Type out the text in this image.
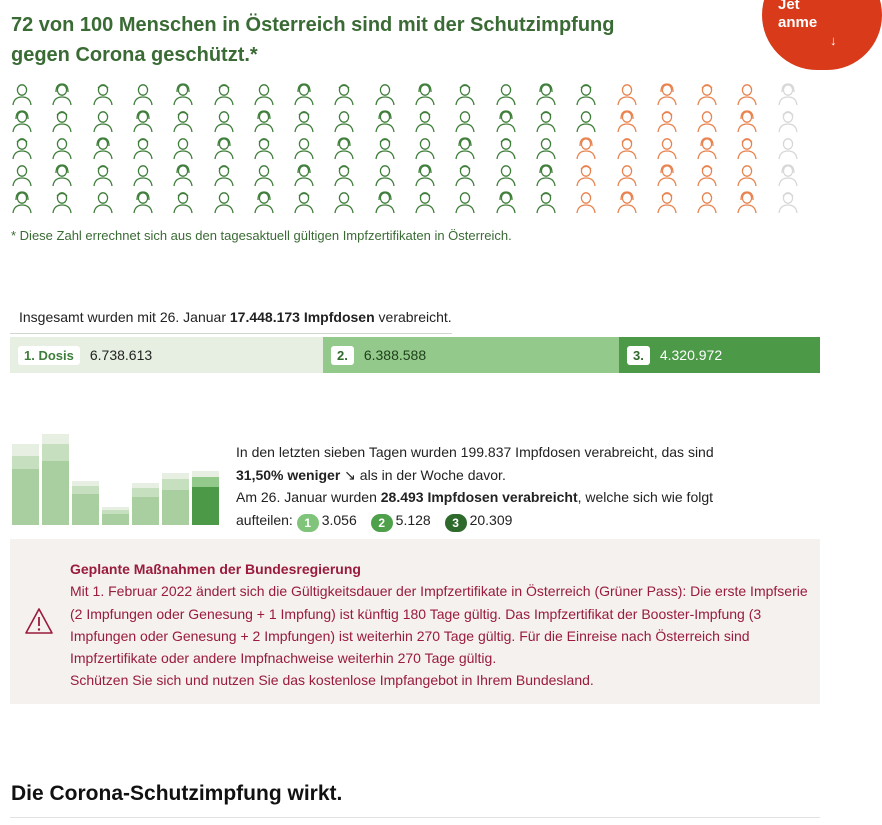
72 von 100 Menschen in Österreich sind mit der Schutzimpfung gegen Corona geschützt.*
Jet
anme
↓

* Diese Zahl errechnet sich aus den tagesaktuell gültigen Impfzertifikaten in Österreich.

Insgesamt wurden mit 26. Januar 17.448.173 Impfdosen verabreicht.
1. Dosis	6.738.613	2.	6.388.588	3.	4.320.972
In den letzten sieben Tagen wurden 199.837 Impfdosen verabreicht, das sind
31,50% weniger ↘ als in der Woche davor.
Am 26. Januar wurden 28.493 Impfdosen verabreicht, welche sich wie folgt
aufteilen: 1 3.056 2 5.128 3 20.309
Geplante Maßnahmen der Bundesregierung
Mit 1. Februar 2022 ändert sich die Gültigkeitsdauer der Impfzertifikate in Österreich (Grüner Pass): Die erste Impfserie (2 Impfungen oder Genesung + 1 Impfung) ist künftig 180 Tage gültig. Das Impfzertifikat der Booster-Impfung (3 Impfungen oder Genesung + 2 Impfungen) ist weiterhin 270 Tage gültig. Für die Einreise nach Österreich sind Impfzertifikate oder andere Impfnachweise weiterhin 270 Tage gültig.
Schützen Sie sich und nutzen Sie das kostenlose Impfangebot in Ihrem Bundesland.
Die Corona-Schutzimpfung wirkt.
